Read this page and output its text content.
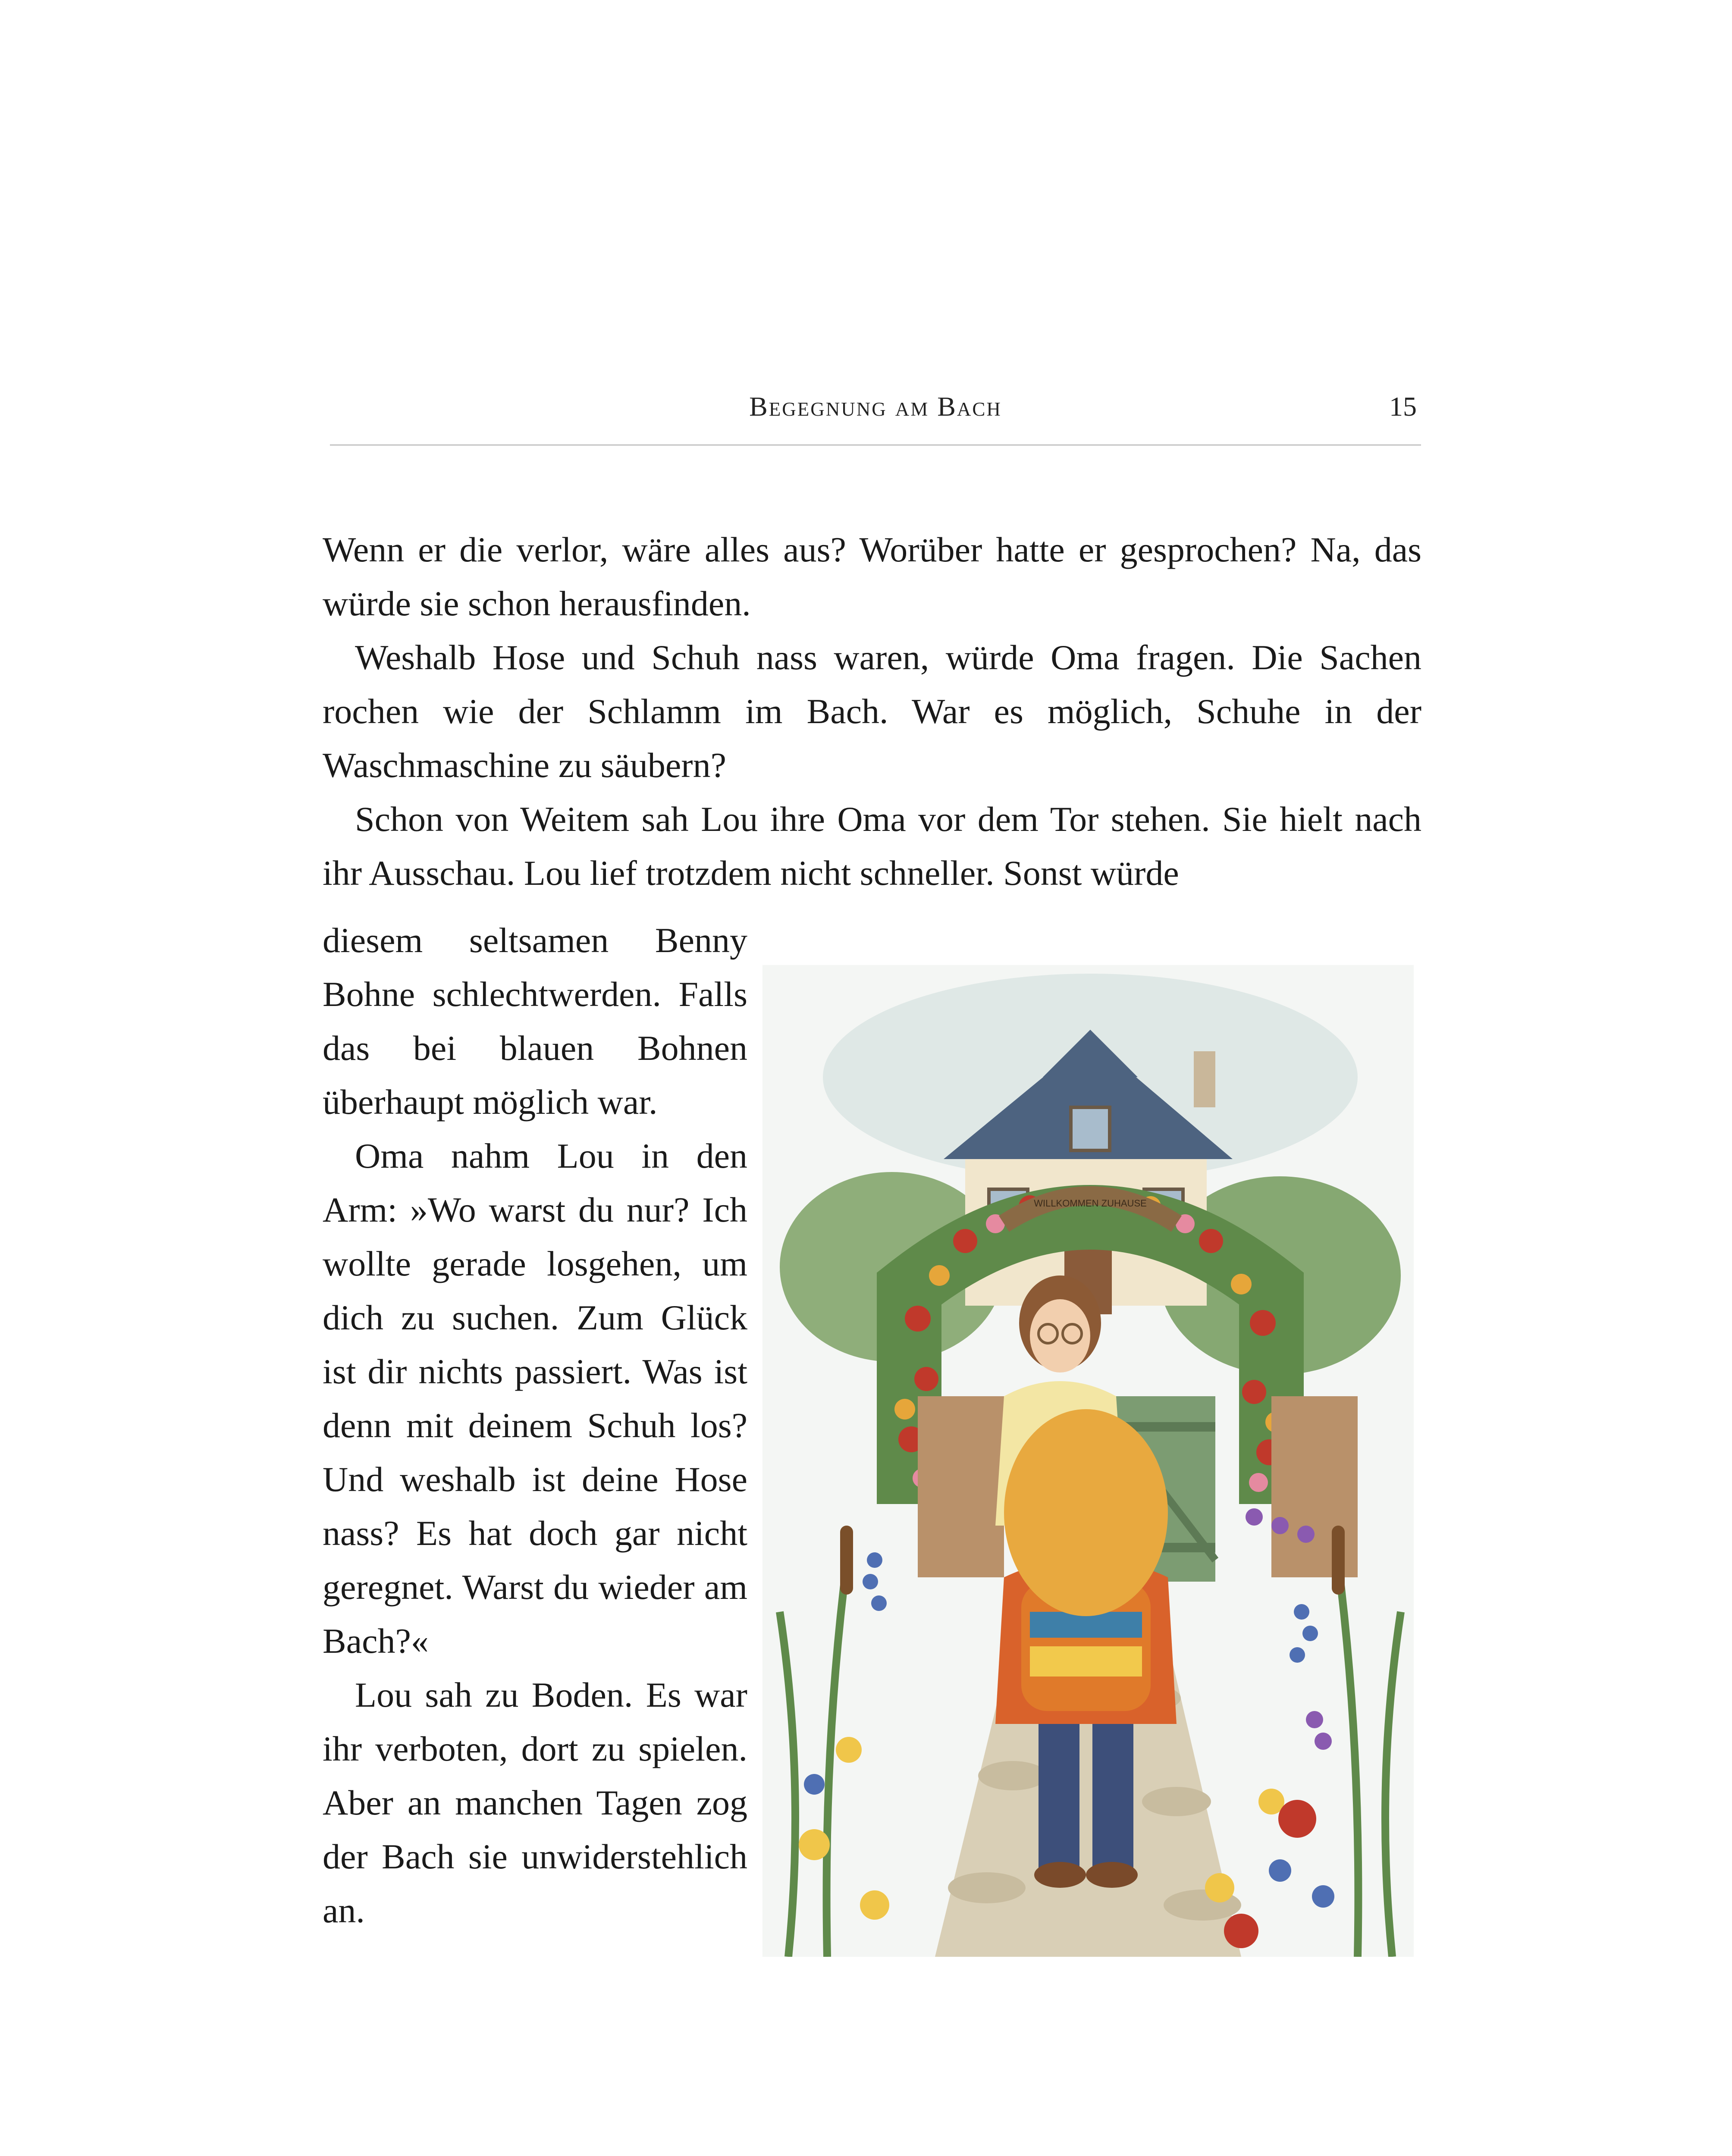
Begegnung am Bach	15

Wenn er die verlor, wäre alles aus? Worüber hatte er gesprochen? Na, das würde sie schon herausfinden.

Weshalb Hose und Schuh nass waren, würde Oma fragen. Die Sachen rochen wie der Schlamm im Bach. War es möglich, Schuhe in der Waschmaschine zu säubern?

Schon von Weitem sah Lou ihre Oma vor dem Tor stehen. Sie hielt nach ihr Ausschau. Lou lief trotzdem nicht schneller. Sonst würde

diesem seltsamen Benny Bohne schlechtwerden. Falls das bei blauen Bohnen überhaupt möglich war.

Oma nahm Lou in den Arm: »Wo warst du nur? Ich wollte gerade losgehen, um dich zu suchen. Zum Glück ist dir nichts passiert. Was ist denn mit deinem Schuh los? Und weshalb ist deine Hose nass? Es hat doch gar nicht geregnet. Warst du wieder am Bach?«

Lou sah zu Boden. Es war ihr verboten, dort zu spielen. Aber an manchen Tagen zog der Bach sie unwiderstehlich an.

WILLKOMMEN ZUHAUSE
